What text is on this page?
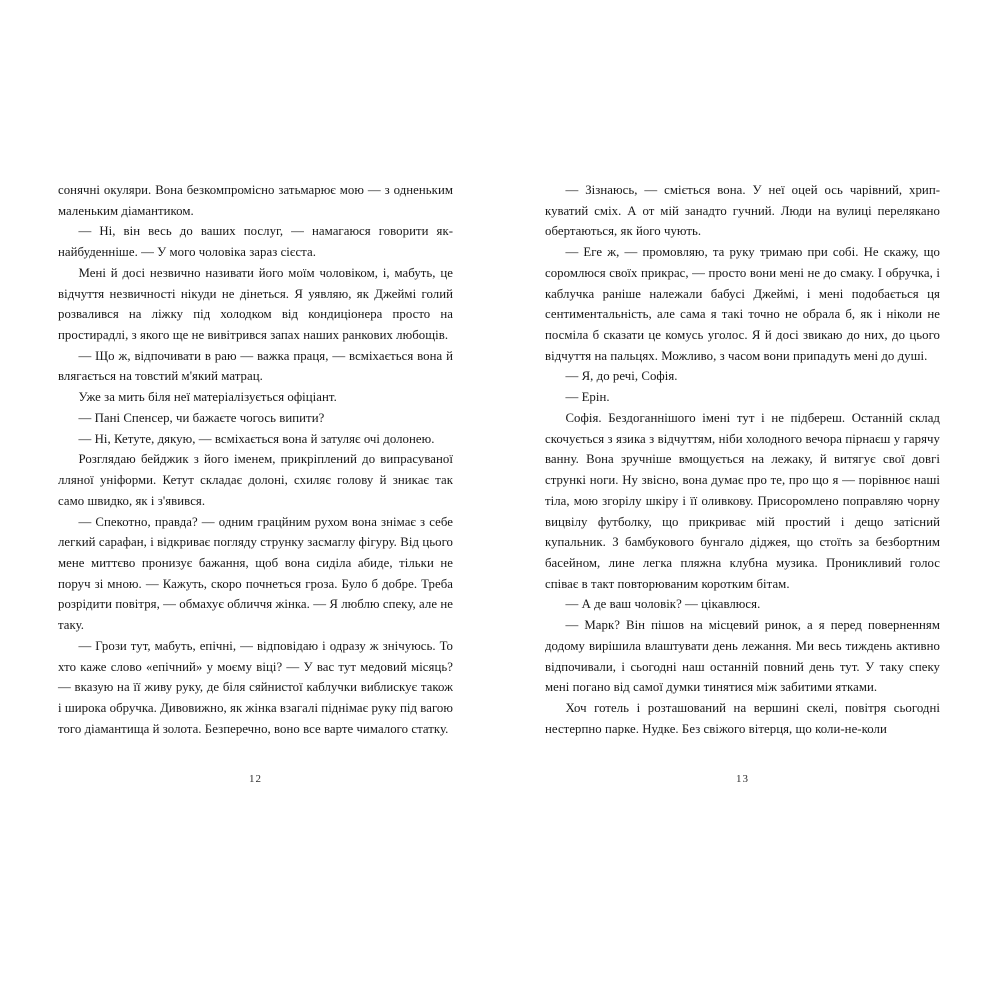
сонячні окуляри. Вона безкомпромісно затьмарює мою — з одненьким маленьким діамантиком.

— Ні, він весь до ваших послуг, — намагаюся говорити якнайбуденніше. — У мого чоловіка зараз сієста.

Мені й досі незвично називати його моїм чоловіком, і, мабуть, це відчуття незвичності нікуди не дінеться. Я уявляю, як Джеймі голий розвалився на ліжку під холодком від кондиціонера просто на простирадлі, з якого ще не вивітрився запах наших ранкових любощів.

— Що ж, відпочивати в раю — важка праця, — всміхається вона й влягається на товстий м'який матрац.

Уже за мить біля неї матеріалізується офіціант.

— Пані Спенсер, чи бажаєте чогось випити?

— Ні, Кетуте, дякую, — всміхається вона й затуляє очі долонею.

Розглядаю бейджик з його іменем, прикріплений до випрасуваної лляної уніформи. Кетут складає долоні, схиляє голову й зникає так само швидко, як і з'явився.

— Спекотно, правда? — одним грацйним рухом вона знімає з себе легкий сарафан, і відкриває погляду струнку засмаглу фігуру. Від цього мене миттєво пронизує бажання, щоб вона сиділа абиде, тільки не поруч зі мною. — Кажуть, скоро почнеться гроза. Було б добре. Треба розрідити повітря, — обмахує обличчя жінка. — Я люблю спеку, але не таку.

— Грози тут, мабуть, епічні, — відповідаю і одразу ж знічуюсь. То хто каже слово «епічний» у моєму віці? — У вас тут медовий місяць? — вказую на її живу руку, де біля сяйнистої каблучки виблискує також і широка обручка. Дивовижно, як жінка взагалі піднімає руку під вагою того діамантища й золота. Безперечно, воно все варте чималого статку.

12

— Зізнаюсь, — сміється вона. У неї оцей ось чарівний, хрипкуватий смix. А от мій занадто гучний. Люди на вулиці перелякано обертаються, як його чують.

— Еге ж, — промовляю, та руку тримаю при собі. Не скажу, що соромлюся своїх прикрас, — просто вони мені не до смаку. І обручка, і каблучка раніше належали бабусі Джеймі, і мені подобається ця сентиментальність, але сама я такі точно не обрала б, як і ніколи не посміла б сказати це комусь уголос. Я й досі звикаю до них, до цього відчуття на пальцях. Можливо, з часом вони припадуть мені до душі.

— Я, до речі, Софія.

— Ерін.

Софія. Бездоганнішого імені тут і не підбереш. Останній склад скочується з язика з відчуттям, ніби холодного вечора пірнаєш у гарячу ванну. Вона зручніше вмощується на лежаку, й витягує свої довгі стрункі ноги. Ну звісно, вона думає про те, про що я — порівнює наші тіла, мою згорілу шкіру і її оливкову. Присоромлено поправляю чорну вицвілу футболку, що прикриває мій простий і дещо затісний купальник. З бамбукового бунгало діджея, що стоїть за безбортним басейном, лине легка пляжна клубна музика. Проникливий голос співає в такт повторюваним коротким бітам.

— А де ваш чоловік? — цікавлюся.

— Марк? Він пішов на місцевий ринок, а я перед поверненням додому вирішила влаштувати день лежання. Ми весь тиждень активно відпочивали, і сьогодні наш останній повний день тут. У таку спеку мені погано від самої думки тинятися між забитими ятками.

Хоч готель і розташований на вершині скелі, повітря сьогодні нестерпно парке. Нудке. Без свіжого вітерця, що коли-не-коли

13
